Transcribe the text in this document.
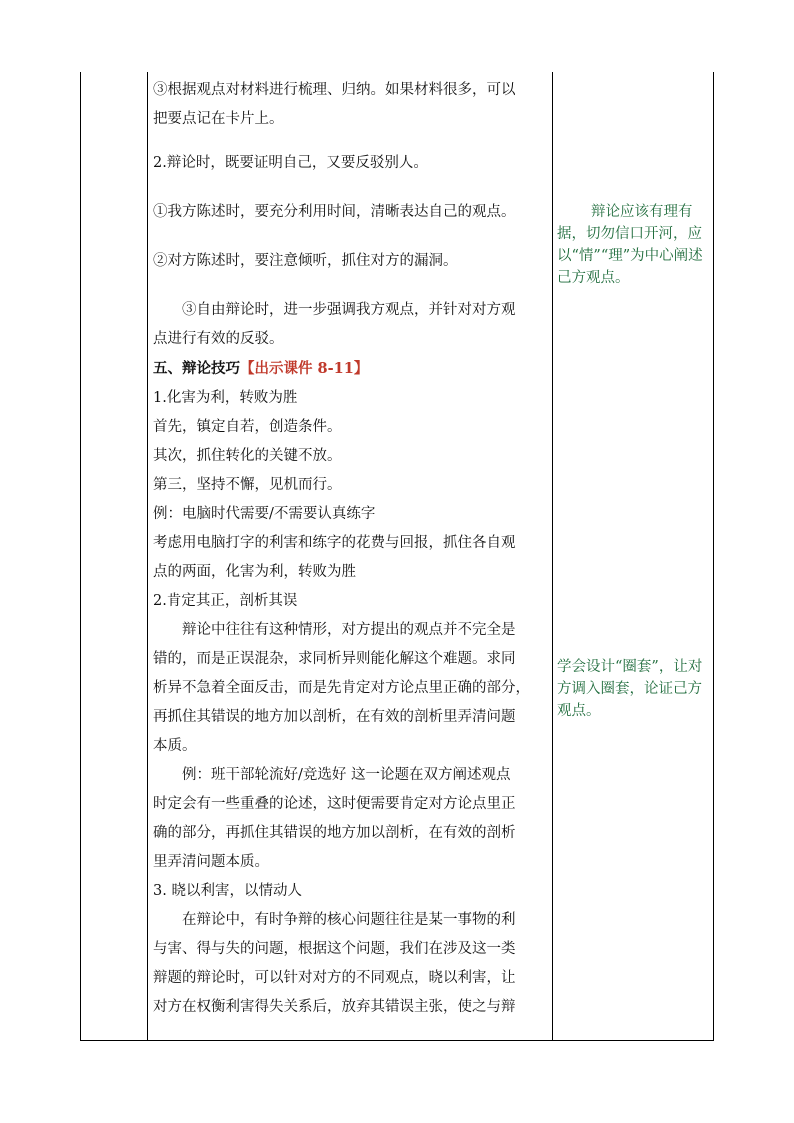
③根据观点对材料进行梳理、归纳。如果材料很多，可以

把要点记在卡片上。

2.辩论时，既要证明自己，又要反驳别人。

①我方陈述时，要充分利用时间，清晰表达自己的观点。

②对方陈述时，要注意倾听，抓住对方的漏洞。

③自由辩论时，进一步强调我方观点，并针对对方观

点进行有效的反驳。

五、辩论技巧【出示课件 8-11】

1.化害为利，转败为胜

首先，镇定自若，创造条件。

其次，抓住转化的关键不放。

第三，坚持不懈，见机而行。

例：电脑时代需要/不需要认真练字

考虑用电脑打字的利害和练字的花费与回报，抓住各自观

点的两面，化害为利，转败为胜

2.肯定其正，剖析其误

辩论中往往有这种情形，对方提出的观点并不完全是

错的，而是正误混杂，求同析异则能化解这个难题。求同

析异不急着全面反击，而是先肯定对方论点里正确的部分，

再抓住其错误的地方加以剖析，在有效的剖析里弄清问题

本质。

例：班干部轮流好/竞选好 这一论题在双方阐述观点

时定会有一些重叠的论述，这时便需要肯定对方论点里正

确的部分，再抓住其错误的地方加以剖析，在有效的剖析

里弄清问题本质。

3. 晓以利害，以情动人

在辩论中，有时争辩的核心问题往往是某一事物的利

与害、得与失的问题，根据这个问题，我们在涉及这一类

辩题的辩论时，可以针对对方的不同观点，晓以利害，让

对方在权衡利害得失关系后，放弃其错误主张，使之与辩

辩论应该有理有据，切勿信口开河，应以“情”“理”为中心阐述己方观点。

学会设计“圈套”，让对方调入圈套，论证己方观点。
